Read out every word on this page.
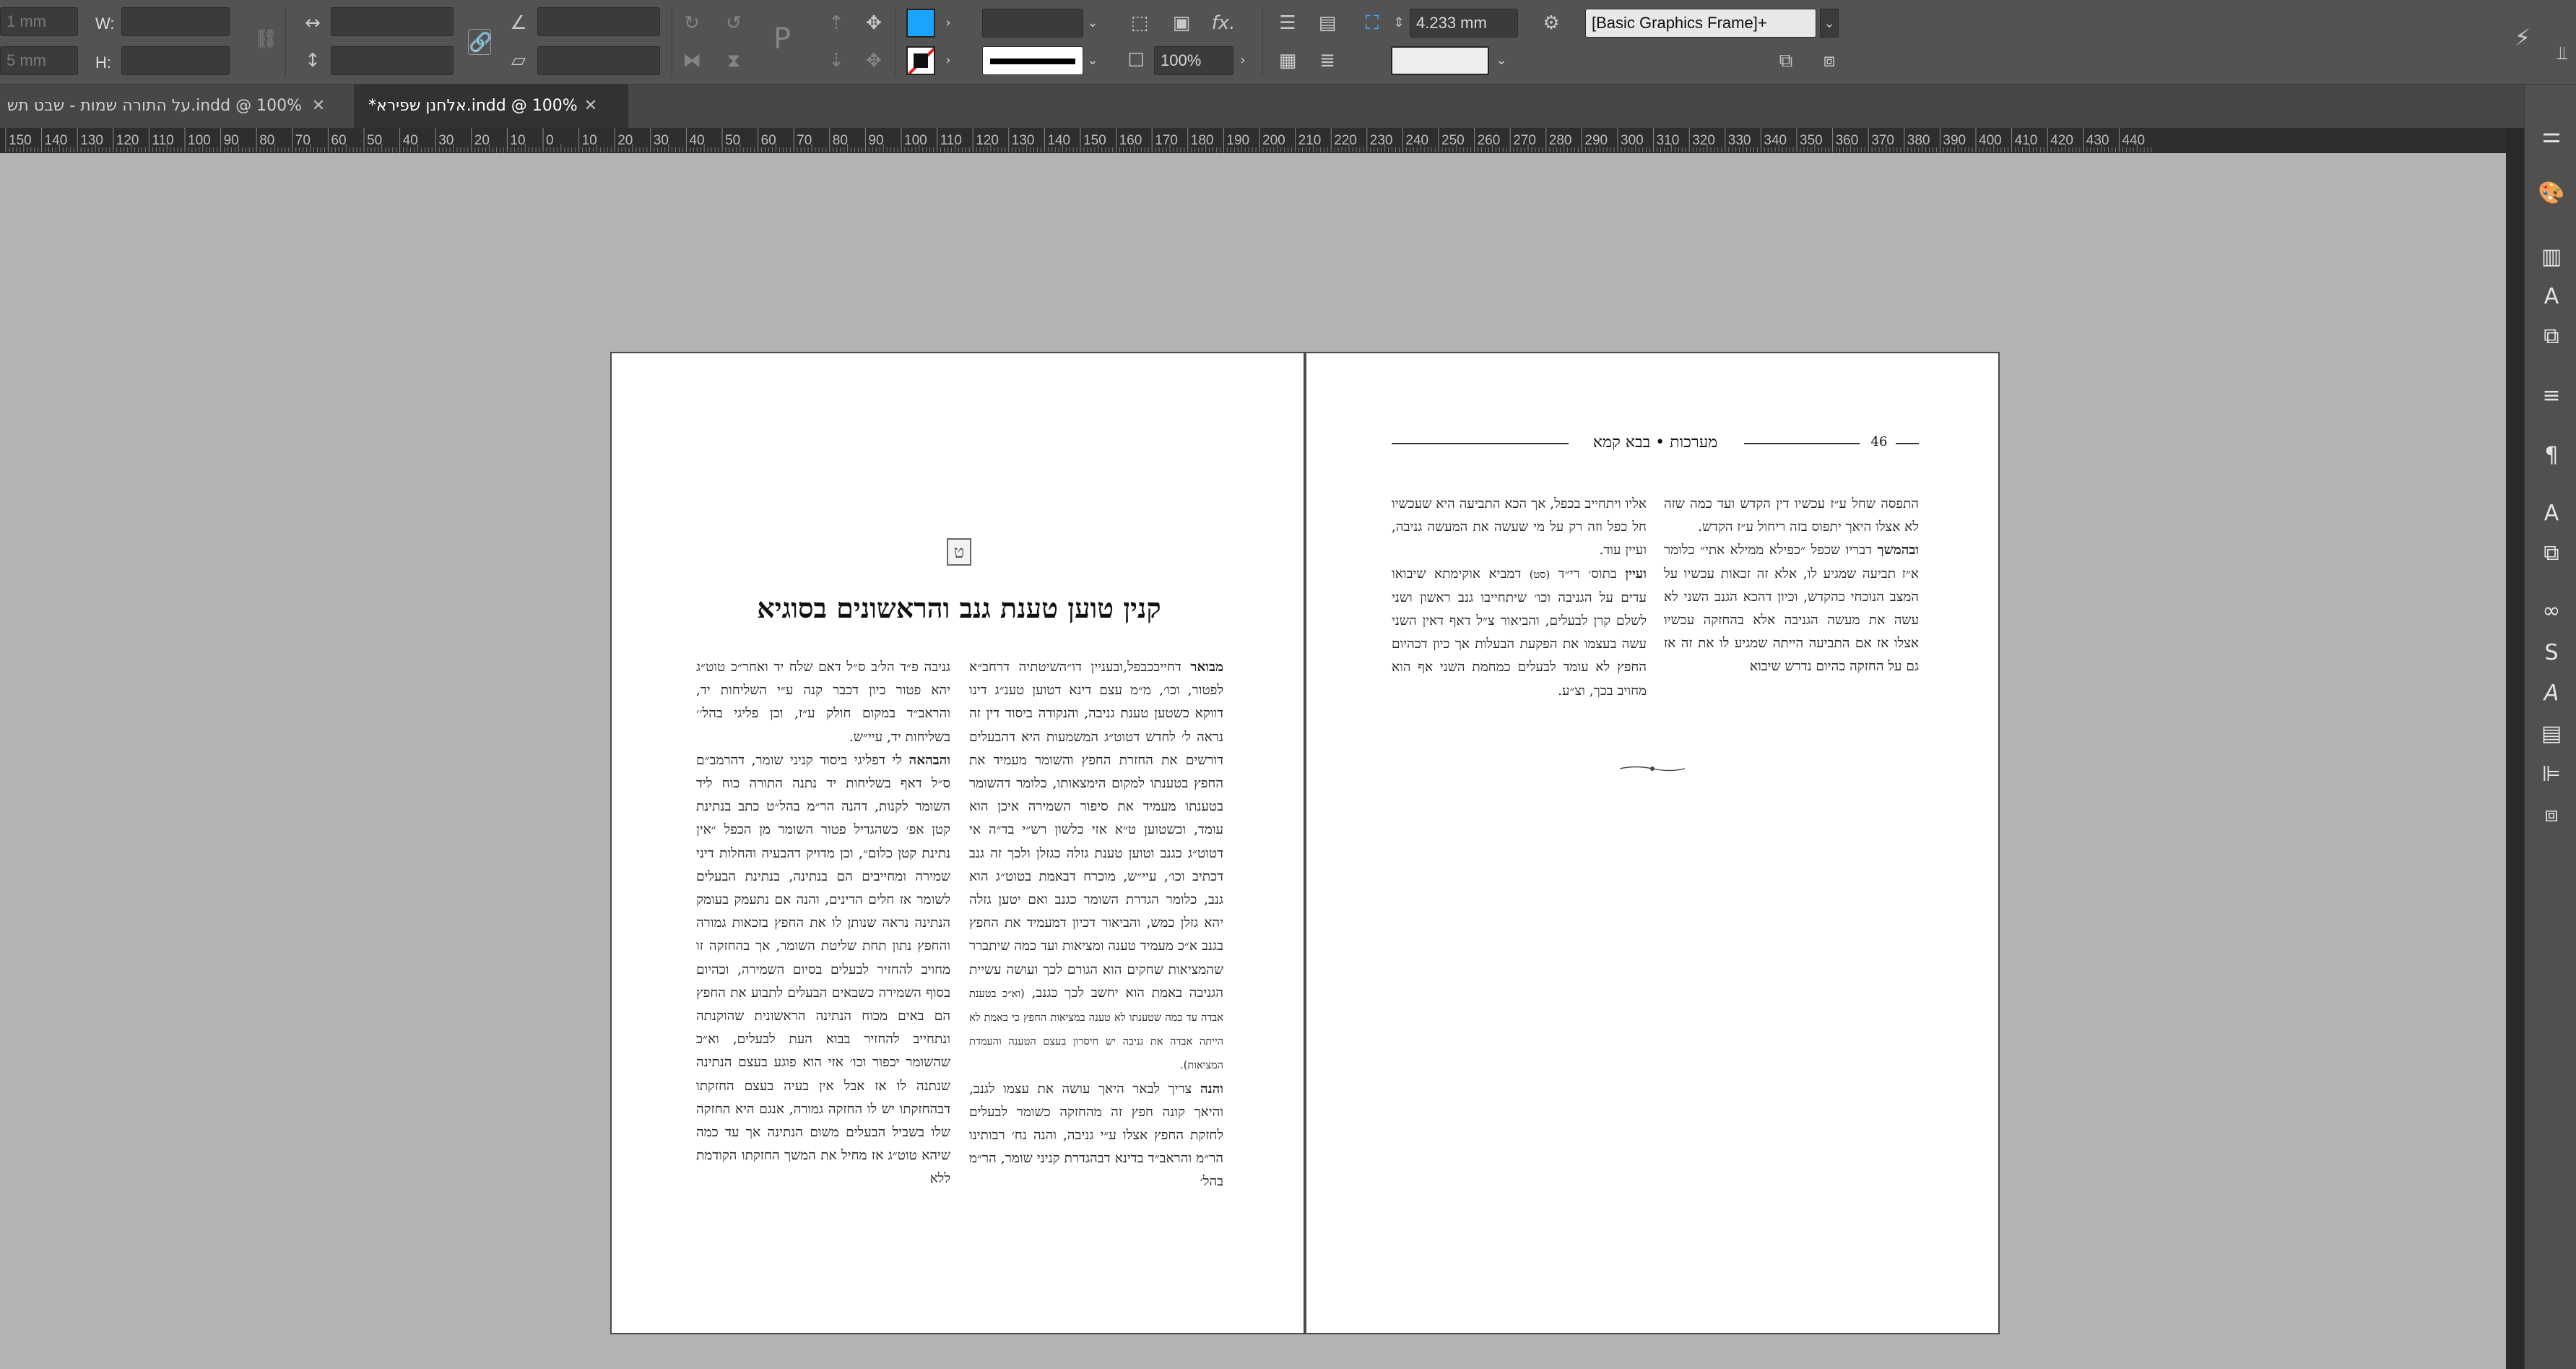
1 mm
5 mm
W:
H:
⛓
↔
↕
🔗
∠
▱
↻ ↺
⧓	⧗
P	⇡
⇣
✥
✥
›
›
⌄
⌄
⬚ ▣ fx.
☐	100%	›
☰ ▤
▦ ≣
⛶	⇕ 4.233 mm
⌄
⚙	[Basic Graphics Frame]+	⌄
⧉	⧈
⚡
⫫
על התורה שמות - שבט תש.indd @ 100% ✕	*אלחנן שפירא.indd @ 100% ✕
150 140 130 120 110 100 90 80 70 60 50 40 30 20 10 0 10 20 30 40 50 60 70 80 90 100 110 120 130 140 150 160 170 180 190 200 210 220 230 240 250 260 270 280 290 300 310 320 330 340 350 360 370 380 390 400 410 420 430 440	⚌
🎨
▥
A
⧉
≡
¶
A
⧉
∞
S
A
▤
⊫
⧈
ט
קנין טוען טענת גנב והראשונים בסוגיא

מבואר דחייבכבפל,ובעניין‏ דו״השיטתיה דרחב״א לפטור, וכו׳, מ״מ עצם דינא דטוען טענ״ג דינו דווקא כשטען טענת גניבה, והנקודה ביסוד דין זה נראה ל׳ לחדש דטוט״ג המשמעות היא דהבעלים דורשים את החזרת החפץ והשומר מעמיד את החפץ בטענתו למקום הימצאותו, כלומר דהשומר בטענתו מעמיד את סיפור השמירה איכן הוא עומד, וכשטוען ט״א אזי כלשון רש״י בד״ה אי דטוט״ג כגנב וטוען טענת גזלה כגזלן ולכך זה גנב דכתיב וכו׳, עיי״ש, מוכרח דבאמת בטוט״ג הוא גנב, כלומר הגדרת השומר כגנב ואם יטען גזלה יהא גזלן כמש, והביאור דכיון דמעמיד את החפץ בגנב א״כ מעמיד טענה ומציאות ועד כמה שיתברר שהמציאות שחקים הוא הגורם לכך ועושה עשיית הגניבה באמת הוא יחשב לכך כגנב, (וא״כ בטענת אבדה עד כמה שטענתו לא טענה במציאות החפץ כי באמת לא הייתה אבדה את גניבה יש חיסרון בעצם הטענה והעמדת המציאות).

והנה צריך לבאר היאך עושה את עצמו לגנב, והיאך קונה חפץ זה מהחזקה כשומר לבעלים לחזקת החפץ אצלו ע״י גניבה, והנה נח׳ רבותינו הר״מ והראב״ד בדינא דבהגדרת קניני שומר, הר״מ בהל׳

גניבה פ״ד הל׳ב ס״ל דאם שלח יד ואחר״כ טוט״ג יהא פטור כיון דכבר קנה ע״י השליחות יד, והראב״ד במקום חולק ע״ז, וכן פליגי בהל׳׳ בשליחות יד, עיי״ש.

והבהאה לי דפליגי ביסוד קניני שומר, דהרמב״ם ס״ל דאף בשליחות יד נתנה התורה כוח ליד השומר לקנות, דהנה הר״מ בהל״ט כתב בנתינת קטן אפ׳ כשהגדיל פטור השומר מן הכפל ״אין נתינת קטן כלום״, וכן מדויק דהבעיה והחלות דיני שמירה ומחייבים הם בנתינה, בנתינת הבעלים לשומר אז חלים הדינים, והנה אם נתעמק בעומק הנתינה נראה שנותן לו את החפץ בזכאות גמורה והחפץ נתון תחת שליטת השומר, אך בהחזקה זו מחויב להחזיר לבעלים בסיום השמירה, וכהיום בסוף השמירה כשבאים הבעלים לתבוע את החפץ הם באים מכוח הנתינה הראשונית שהוקנתה ונתחייב להחזיר בבוא העת לבעלים, וא״כ שהשומר יכפור וכו׳ אזי הוא פוגע בעצם הנתינה שנתנה לו אז אבל אין בעיה בעצם החזקתו דבהחזקתו יש לו החזקה גמורה, אנגם היא החזקה שלו בשביל הבעלים משום הנתינה אך עד כמה שיהא טוט״ג אז מחיל את המשך החזקתו הקודמת ללא

מערכות • בבא קמא	46

התפסה שחל ע״ז עכשיו דין הקדש ועד כמה שזה לא אצלו היאך יתפוס בזה ריחול ע״ז הקדש.

ובהמשך דבריו שכפל ״כפילא ממילא אתי״ כלומר א״ז תביעה שמגיע לו, אלא זה זכאות עכשיו על המצב הנוכחי כהקדש, וכיון דהכא הגנב השני לא עשה את מעשה הגניבה אלא בהחזקה עכשיו אצלו אז אם התביעה הייתה שמגיע לו את זה אז גם על החזקה כהיום נדרש שיבוא

אליו ויתחייב בכפל, אך הכא התביעה היא שעכשיו חל כפל וזה רק על מי שעשה את המעשה גניבה, ועיין עוד.

ועיין בתוס׳ רי״ד (סט) דמביא אוקימתא שיבואו עדים על הגניבה וכו׳ שיתחייבו גנב ראשון ושני לשלם קרן לבעלים, והביאור צ״ל דאף דאין השני עשה בעצמו את הפקעת הבעלות אך כיון דכהיום החפץ לא עומד לבעלים כמחמת השני אף הוא מחויב בכך, וצ״ע.
